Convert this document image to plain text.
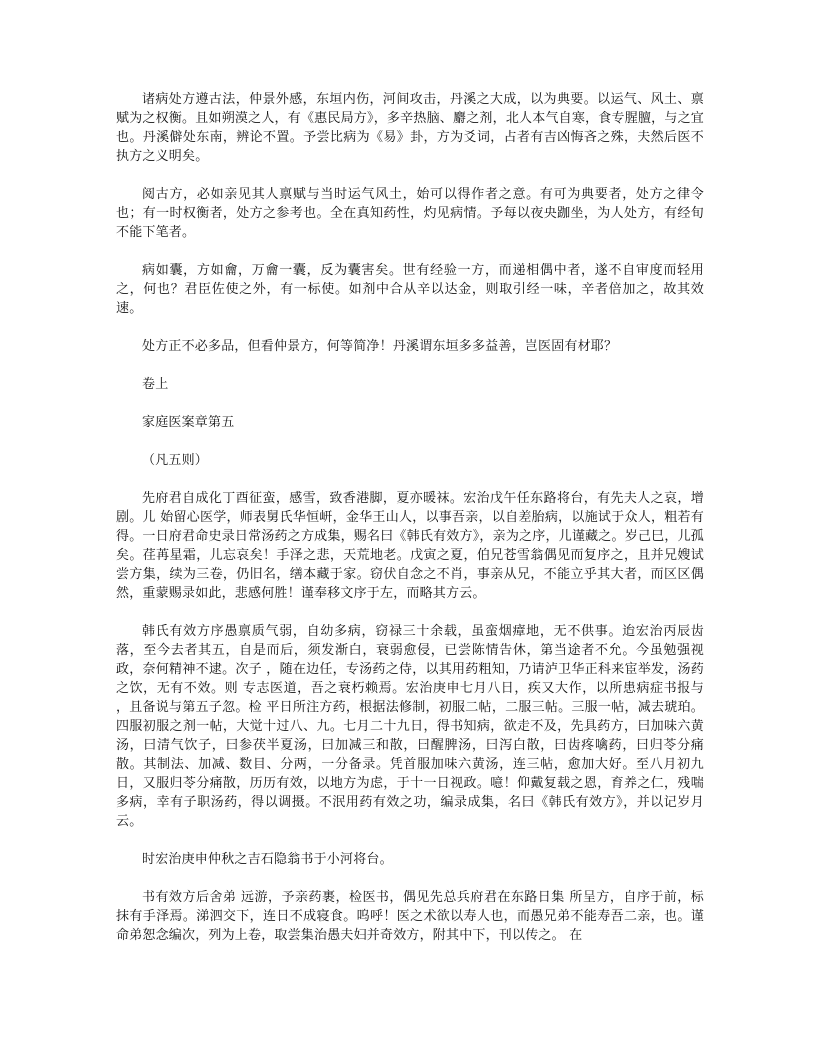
诸病处方遵古法，仲景外感，东垣内伤，河间攻击，丹溪之大成，以为典要。以运气、风土、禀赋为之权衡。且如朔漠之人，有《惠民局方》，多辛热脑、麝之剂，北人本气自寒，食专腥膻，与之宜也。丹溪僻处东南，辨论不置。予尝比病为《易》卦，方为爻词，占者有吉凶悔吝之殊，夫然后医不执方之义明矣。

阅古方，必如亲见其人禀赋与当时运气风土，始可以得作者之意。有可为典要者，处方之律令也；有一时权衡者，处方之参考也。全在真知药性，灼见病情。予每以夜央跏坐，为人处方，有经旬不能下笔者。

病如囊，方如龠，万龠一囊，反为囊害矣。世有经验一方，而递相偶中者，遂不自审度而轻用之，何也？君臣佐使之外，有一标使。如剂中合从辛以达金，则取引经一味，辛者倍加之，故其效速。

处方正不必多品，但看仲景方，何等简净！丹溪谓东垣多多益善，岂医固有材耶？

卷上

家庭医案章第五

（凡五则）

先府君自成化丁酉征蛮，感雪，致香港脚，夏亦暖袜。宏治戊午任东路将台，有先夫人之哀，增剧。儿 始留心医学，师表舅氏华恒岍，金华王山人，以事吾亲，以自差胎病，以施试于众人，粗若有得。一日府君命史录日常汤药之方成集，赐名曰《韩氏有效方》，亲为之序，儿谨藏之。岁己巳，儿孤矣。荏苒星霜，儿忘哀矣！手泽之悲，天荒地老。戊寅之夏，伯兄苍雪翁偶见而复序之，且并兄嫂试尝方集，续为三卷，仍旧名，缮本藏于家。窃伏自念之不肖，事亲从兄，不能立乎其大者，而区区偶然，重蒙赐录如此，悲感何胜！谨奉移文序于左，而略其方云。

韩氏有效方序愚禀质气弱，自幼多病，窃禄三十余载，虽蛮烟瘴地，无不供事。迨宏治丙辰齿落，至今去者其五，自是而后，须发渐白，衰弱愈侵，已尝陈情告休，第当途者不允。今虽勉强视政，奈何精神不逮。次子 ，随在边任，专汤药之侍，以其用药粗知，乃请泸卫华正科来宦举发，汤药之饮，无有不效。则 专志医道，吾之衰朽赖焉。宏治庚申七月八日，疾又大作，以所患病症书报与 ，且备说与第五子忽。检 平日所注方药，根据法修制，初服二帖，二服三帖。三服一帖，减去琥珀。四服初服之剂一帖，大觉十过八、九。七月二十九日，得书知病，欲走不及，先具药方，曰加味六黄汤，曰清气饮子，曰参茯半夏汤，曰加减三和散，曰醒脾汤，曰泻白散，曰齿疼噙药，曰归苓分痛散。其制法、加减、数目、分两，一分备录。凭首服加味六黄汤，连三帖，愈加大好。至八月初九日，又服归苓分痛散，历历有效，以地方为虑，于十一日视政。噫！仰戴复载之恩，育养之仁，残喘多病，幸有子职汤药，得以调摄。不泯用药有效之功，编录成集，名曰《韩氏有效方》，并以记岁月云。

时宏治庚申仲秋之吉石隐翁书于小河将台。

书有效方后舍弟 远游，予亲药裹，检医书，偶见先总兵府君在东路日集 所呈方，自序于前，标抹有手泽焉。涕泗交下，连日不成寝食。呜呼！医之术欲以寿人也，而愚兄弟不能寿吾二亲，也。谨命弟恕念编次，列为上卷，取尝集治愚夫妇并奇效方，附其中下，刊以传之。 在
